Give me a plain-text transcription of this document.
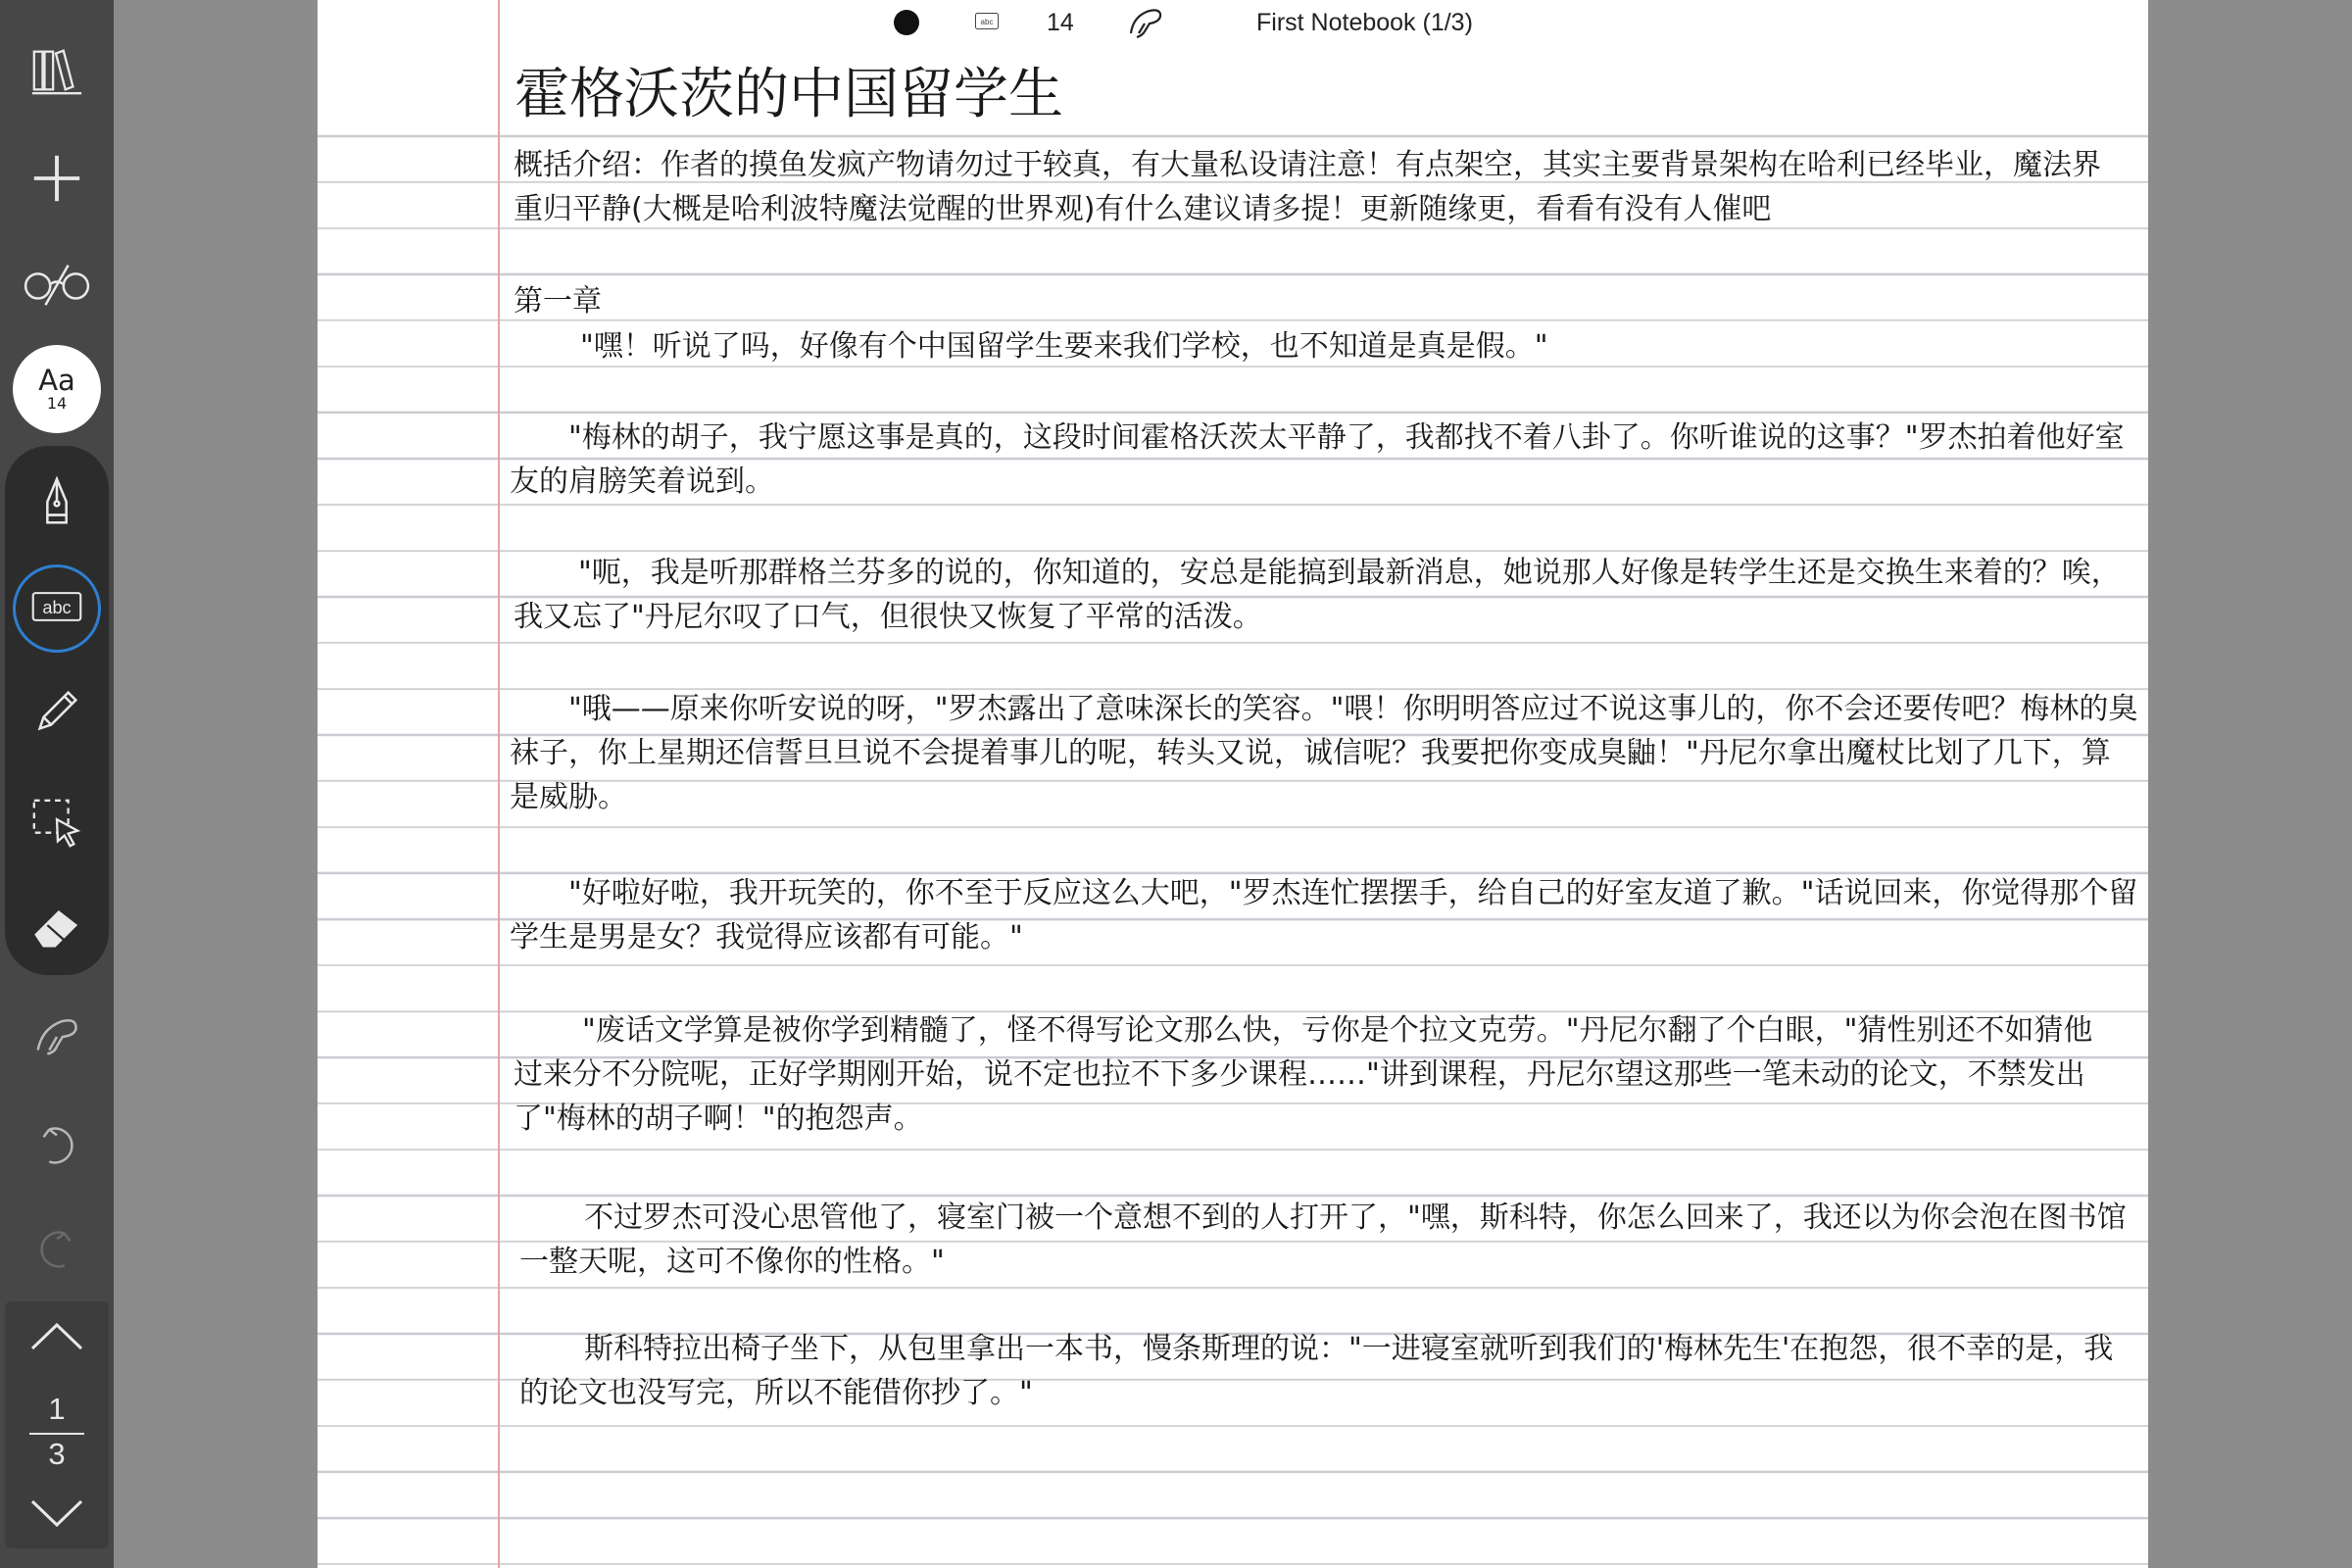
Aa
14
abc
1
3
abc 14	First Notebook (1/3)
霍格沃茨的中国留学生
概括介绍：作者的摸鱼发疯产物请勿过于较真，有大量私设请注意！有点架空，其实主要背景架构在哈利已经毕业，魔法界重归平静(大概是哈利波特魔法觉醒的世界观)有什么建议请多提！更新随缘更，看看有没有人催吧
第一章
"嘿！听说了吗，好像有个中国留学生要来我们学校，也不知道是真是假。"
"梅林的胡子，我宁愿这事是真的，这段时间霍格沃茨太平静了，我都找不着八卦了。你听谁说的这事？"罗杰拍着他好室友的肩膀笑着说到。
"呃，我是听那群格兰芬多的说的，你知道的，安总是能搞到最新消息，她说那人好像是转学生还是交换生来着的？唉，我又忘了"丹尼尔叹了口气，但很快又恢复了平常的活泼。
"哦——原来你听安说的呀，"罗杰露出了意味深长的笑容。"喂！你明明答应过不说这事儿的，你不会还要传吧？梅林的臭袜子，你上星期还信誓旦旦说不会提着事儿的呢，转头又说，诚信呢？我要把你变成臭鼬！"丹尼尔拿出魔杖比划了几下，算是威胁。
"好啦好啦，我开玩笑的，你不至于反应这么大吧，"罗杰连忙摆摆手，给自己的好室友道了歉。"话说回来，你觉得那个留学生是男是女？我觉得应该都有可能。"
"废话文学算是被你学到精髓了，怪不得写论文那么快，亏你是个拉文克劳。"丹尼尔翻了个白眼，"猜性别还不如猜他过来分不分院呢，正好学期刚开始，说不定也拉不下多少课程……"讲到课程，丹尼尔望这那些一笔未动的论文，不禁发出了"梅林的胡子啊！"的抱怨声。
不过罗杰可没心思管他了，寝室门被一个意想不到的人打开了，"嘿，斯科特，你怎么回来了，我还以为你会泡在图书馆一整天呢，这可不像你的性格。"
斯科特拉出椅子坐下，从包里拿出一本书，慢条斯理的说："一进寝室就听到我们的'梅林先生'在抱怨，很不幸的是，我的论文也没写完，所以不能借你抄了。"
